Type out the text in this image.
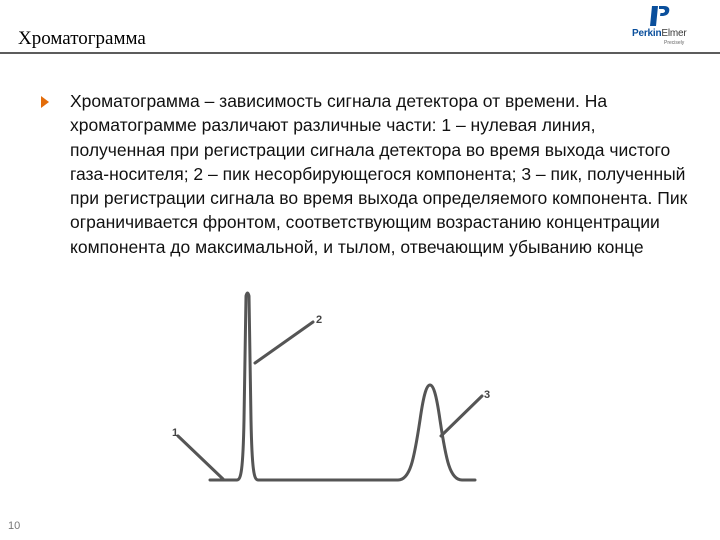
Хроматограмма	PerkinElmer
Precisely
Хроматограмма – зависимость сигнала детектора от времени. На хроматограмме различают различные части: 1 – нулевая линия, полученная при регистрации сигнала детектора во время выхода чистого газа-носителя; 2 – пик несорбирующегося компонента; 3 – пик, полученный при регистрации сигнала во время выхода определяемого компонента. Пик ограничивается фронтом, соответствующим возрастанию концентрации компонента до максимальной, и тылом, отвечающим убыванию конце
1
2
3
10
